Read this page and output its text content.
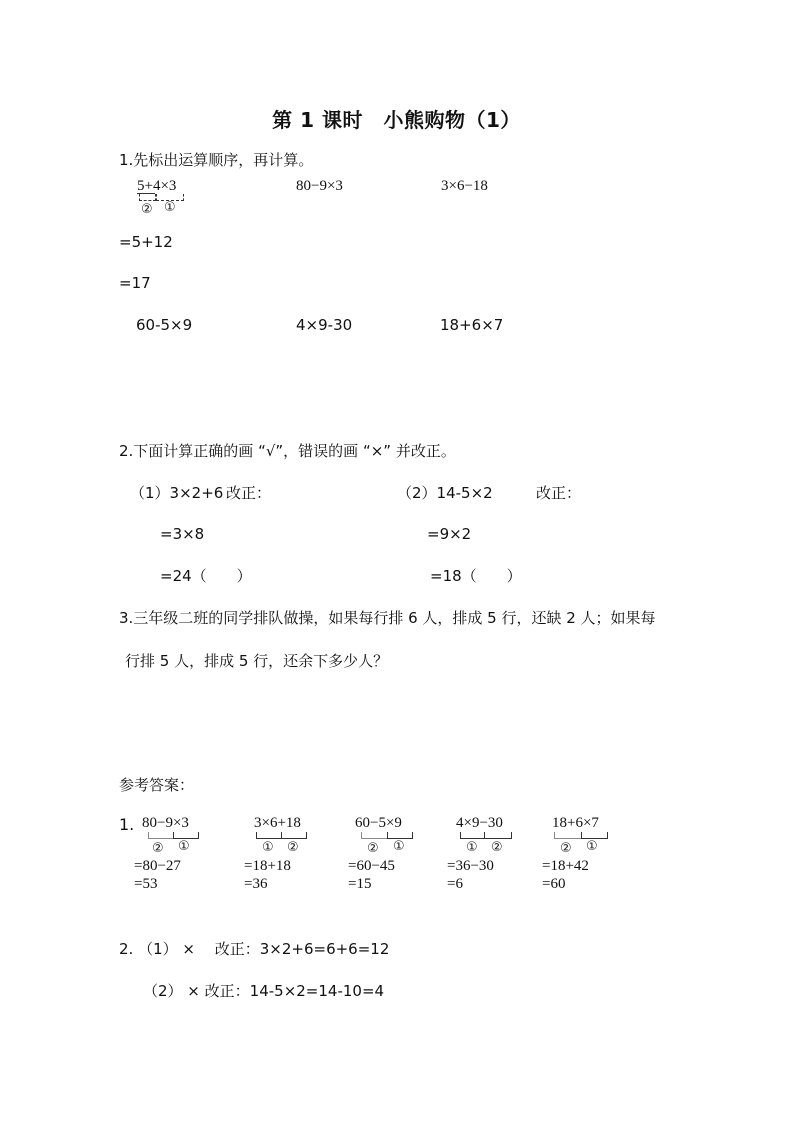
第 1 课时　小熊购物（1）
1.先标出运算顺序，再计算。
5+4×3
② ①
80−9×3	3×6−18
=5+12
=17
60-5×9	4×9-30	18+6×7
2.下面计算正确的画 “√”，错误的画 “×” 并改正。
（1）3×2+6 改正：
=3×8
=24（　　）
（2）14-5×2	改正：
=9×2
=18（　　）
3.三年级二班的同学排队做操，如果每行排 6 人，排成 5 行，还缺 2 人；如果每
行排 5 人，排成 5 行，还余下多少人？
参考答案：
1. 80−9×3
② ①
=80−27
=53
3×6+18
① ②
=18+18
=36
60−5×9
② ①
=60−45
=15
4×9−30
① ②
=36−30
=6
18+6×7
② ①
=18+42
=60
2. （1） ×　 改正：3×2+6=6+6=12
（2） × 改正：14-5×2=14-10=4
